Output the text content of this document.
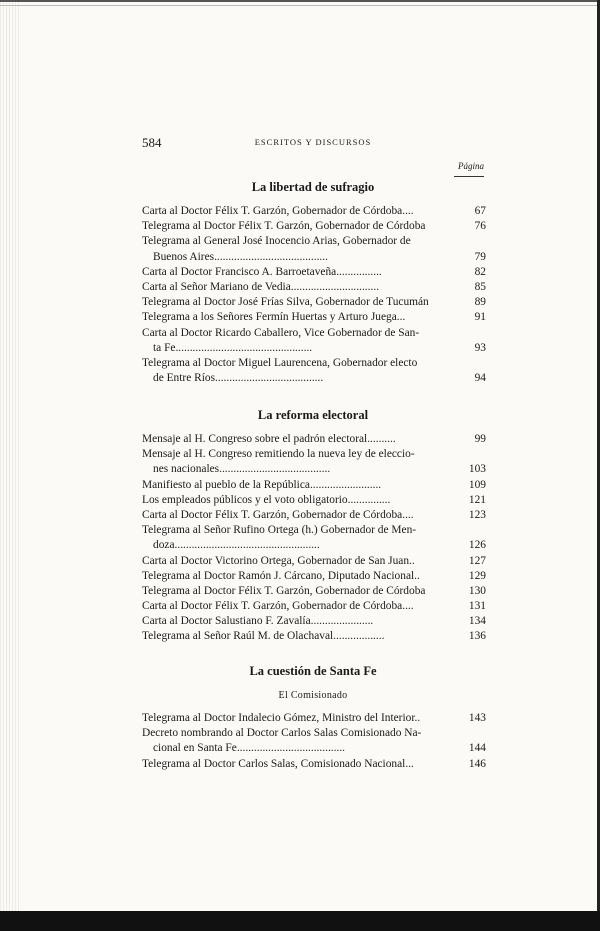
584	ESCRITOS Y DISCURSOS
Página
La libertad de sufragio
Carta al Doctor Félix T. Garzón, Gobernador de Córdoba....	67
Telegrama al Doctor Félix T. Garzón, Gobernador de Córdoba	76
Telegrama al General José Inocencio Arias, Gobernador de
Buenos Aires........................................	79
Carta al Doctor Francisco A. Barroetaveña................	82
Carta al Señor Mariano de Vedia...............................	85
Telegrama al Doctor José Frías Silva, Gobernador de Tucumán	89
Telegrama a los Señores Fermín Huertas y Arturo Juega...	91
Carta al Doctor Ricardo Caballero, Vice Gobernador de San-
ta Fe................................................	93
Telegrama al Doctor Miguel Laurencena, Gobernador electo
de Entre Ríos......................................	94
La reforma electoral
Mensaje al H. Congreso sobre el padrón electoral..........	99
Mensaje al H. Congreso remitiendo la nueva ley de eleccio-
nes nacionales.......................................	103
Manifiesto al pueblo de la República.........................	109
Los empleados públicos y el voto obligatorio...............	121
Carta al Doctor Félix T. Garzón, Gobernador de Córdoba....	123
Telegrama al Señor Rufino Ortega (h.) Gobernador de Men-
doza...................................................	126
Carta al Doctor Victorino Ortega, Gobernador de San Juan..	127
Telegrama al Doctor Ramón J. Cárcano, Diputado Nacional..	129
Telegrama al Doctor Félix T. Garzón, Gobernador de Córdoba	130
Carta al Doctor Félix T. Garzón, Gobernador de Córdoba....	131
Carta al Doctor Salustiano F. Zavalía......................	134
Telegrama al Señor Raúl M. de Olachaval..................	136
La cuestión de Santa Fe
El Comisionado
Telegrama al Doctor Indalecio Gómez, Ministro del Interior..	143
Decreto nombrando al Doctor Carlos Salas Comisionado Na-
cional en Santa Fe......................................	144
Telegrama al Doctor Carlos Salas, Comisionado Nacional...	146
